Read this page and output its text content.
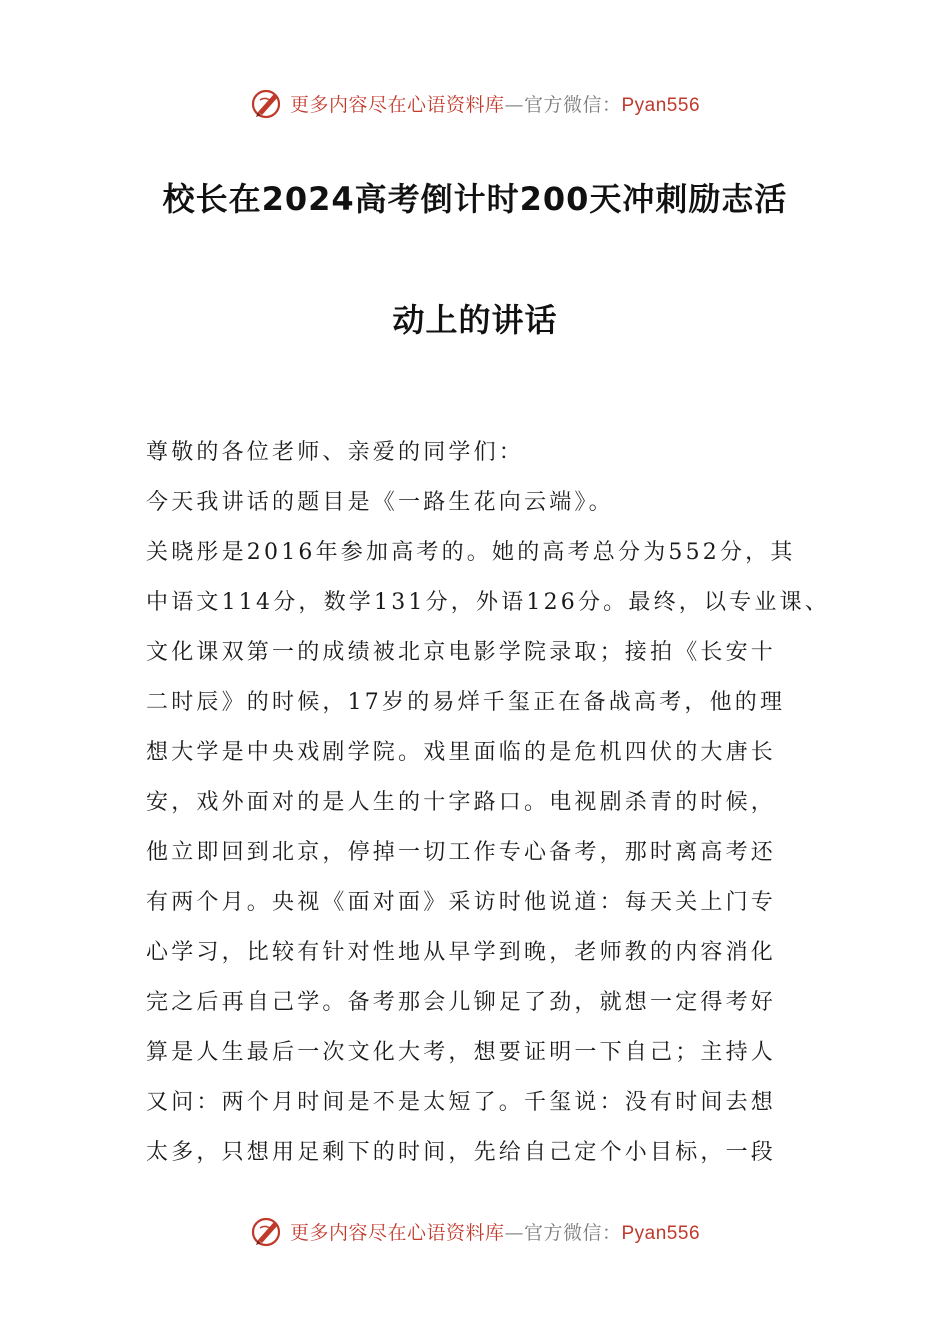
更多内容尽在心语资料库—官方微信：Pyan556
校长在2024高考倒计时200天冲刺励志活
动上的讲话
尊敬的各位老师、亲爱的同学们：
今天我讲话的题目是《一路生花向云端》。
关晓彤是2016年参加高考的。她的高考总分为552分，其
中语文114分，数学131分，外语126分。最终，以专业课、
文化课双第一的成绩被北京电影学院录取；接拍《长安十
二时辰》的时候，17岁的易烊千玺正在备战高考，他的理
想大学是中央戏剧学院。戏里面临的是危机四伏的大唐长
安，戏外面对的是人生的十字路口。电视剧杀青的时候，
他立即回到北京，停掉一切工作专心备考，那时离高考还
有两个月。央视《面对面》采访时他说道：每天关上门专
心学习，比较有针对性地从早学到晚，老师教的内容消化
完之后再自己学。备考那会儿铆足了劲，就想一定得考好
算是人生最后一次文化大考，想要证明一下自己；主持人
又问：两个月时间是不是太短了。千玺说：没有时间去想
太多，只想用足剩下的时间，先给自己定个小目标，一段
更多内容尽在心语资料库—官方微信：Pyan556
